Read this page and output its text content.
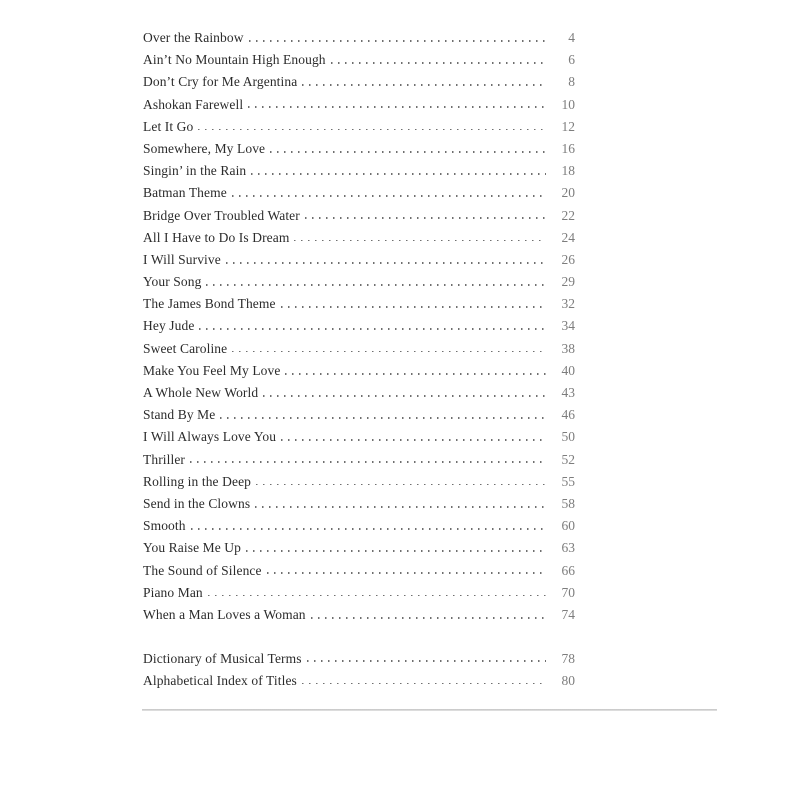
Over the Rainbow	4
Ain’t No Mountain High Enough	6
Don’t Cry for Me Argentina	8
Ashokan Farewell	10
Let It Go	12
Somewhere, My Love	16
Singin’ in the Rain	18
Batman Theme	20
Bridge Over Troubled Water	22
All I Have to Do Is Dream	24
I Will Survive	26
Your Song	29
The James Bond Theme	32
Hey Jude	34
Sweet Caroline	38
Make You Feel My Love	40
A Whole New World	43
Stand By Me	46
I Will Always Love You	50
Thriller	52
Rolling in the Deep	55
Send in the Clowns	58
Smooth	60
You Raise Me Up	63
The Sound of Silence	66
Piano Man	70
When a Man Loves a Woman	74
Dictionary of Musical Terms	78
Alphabetical Index of Titles	80
